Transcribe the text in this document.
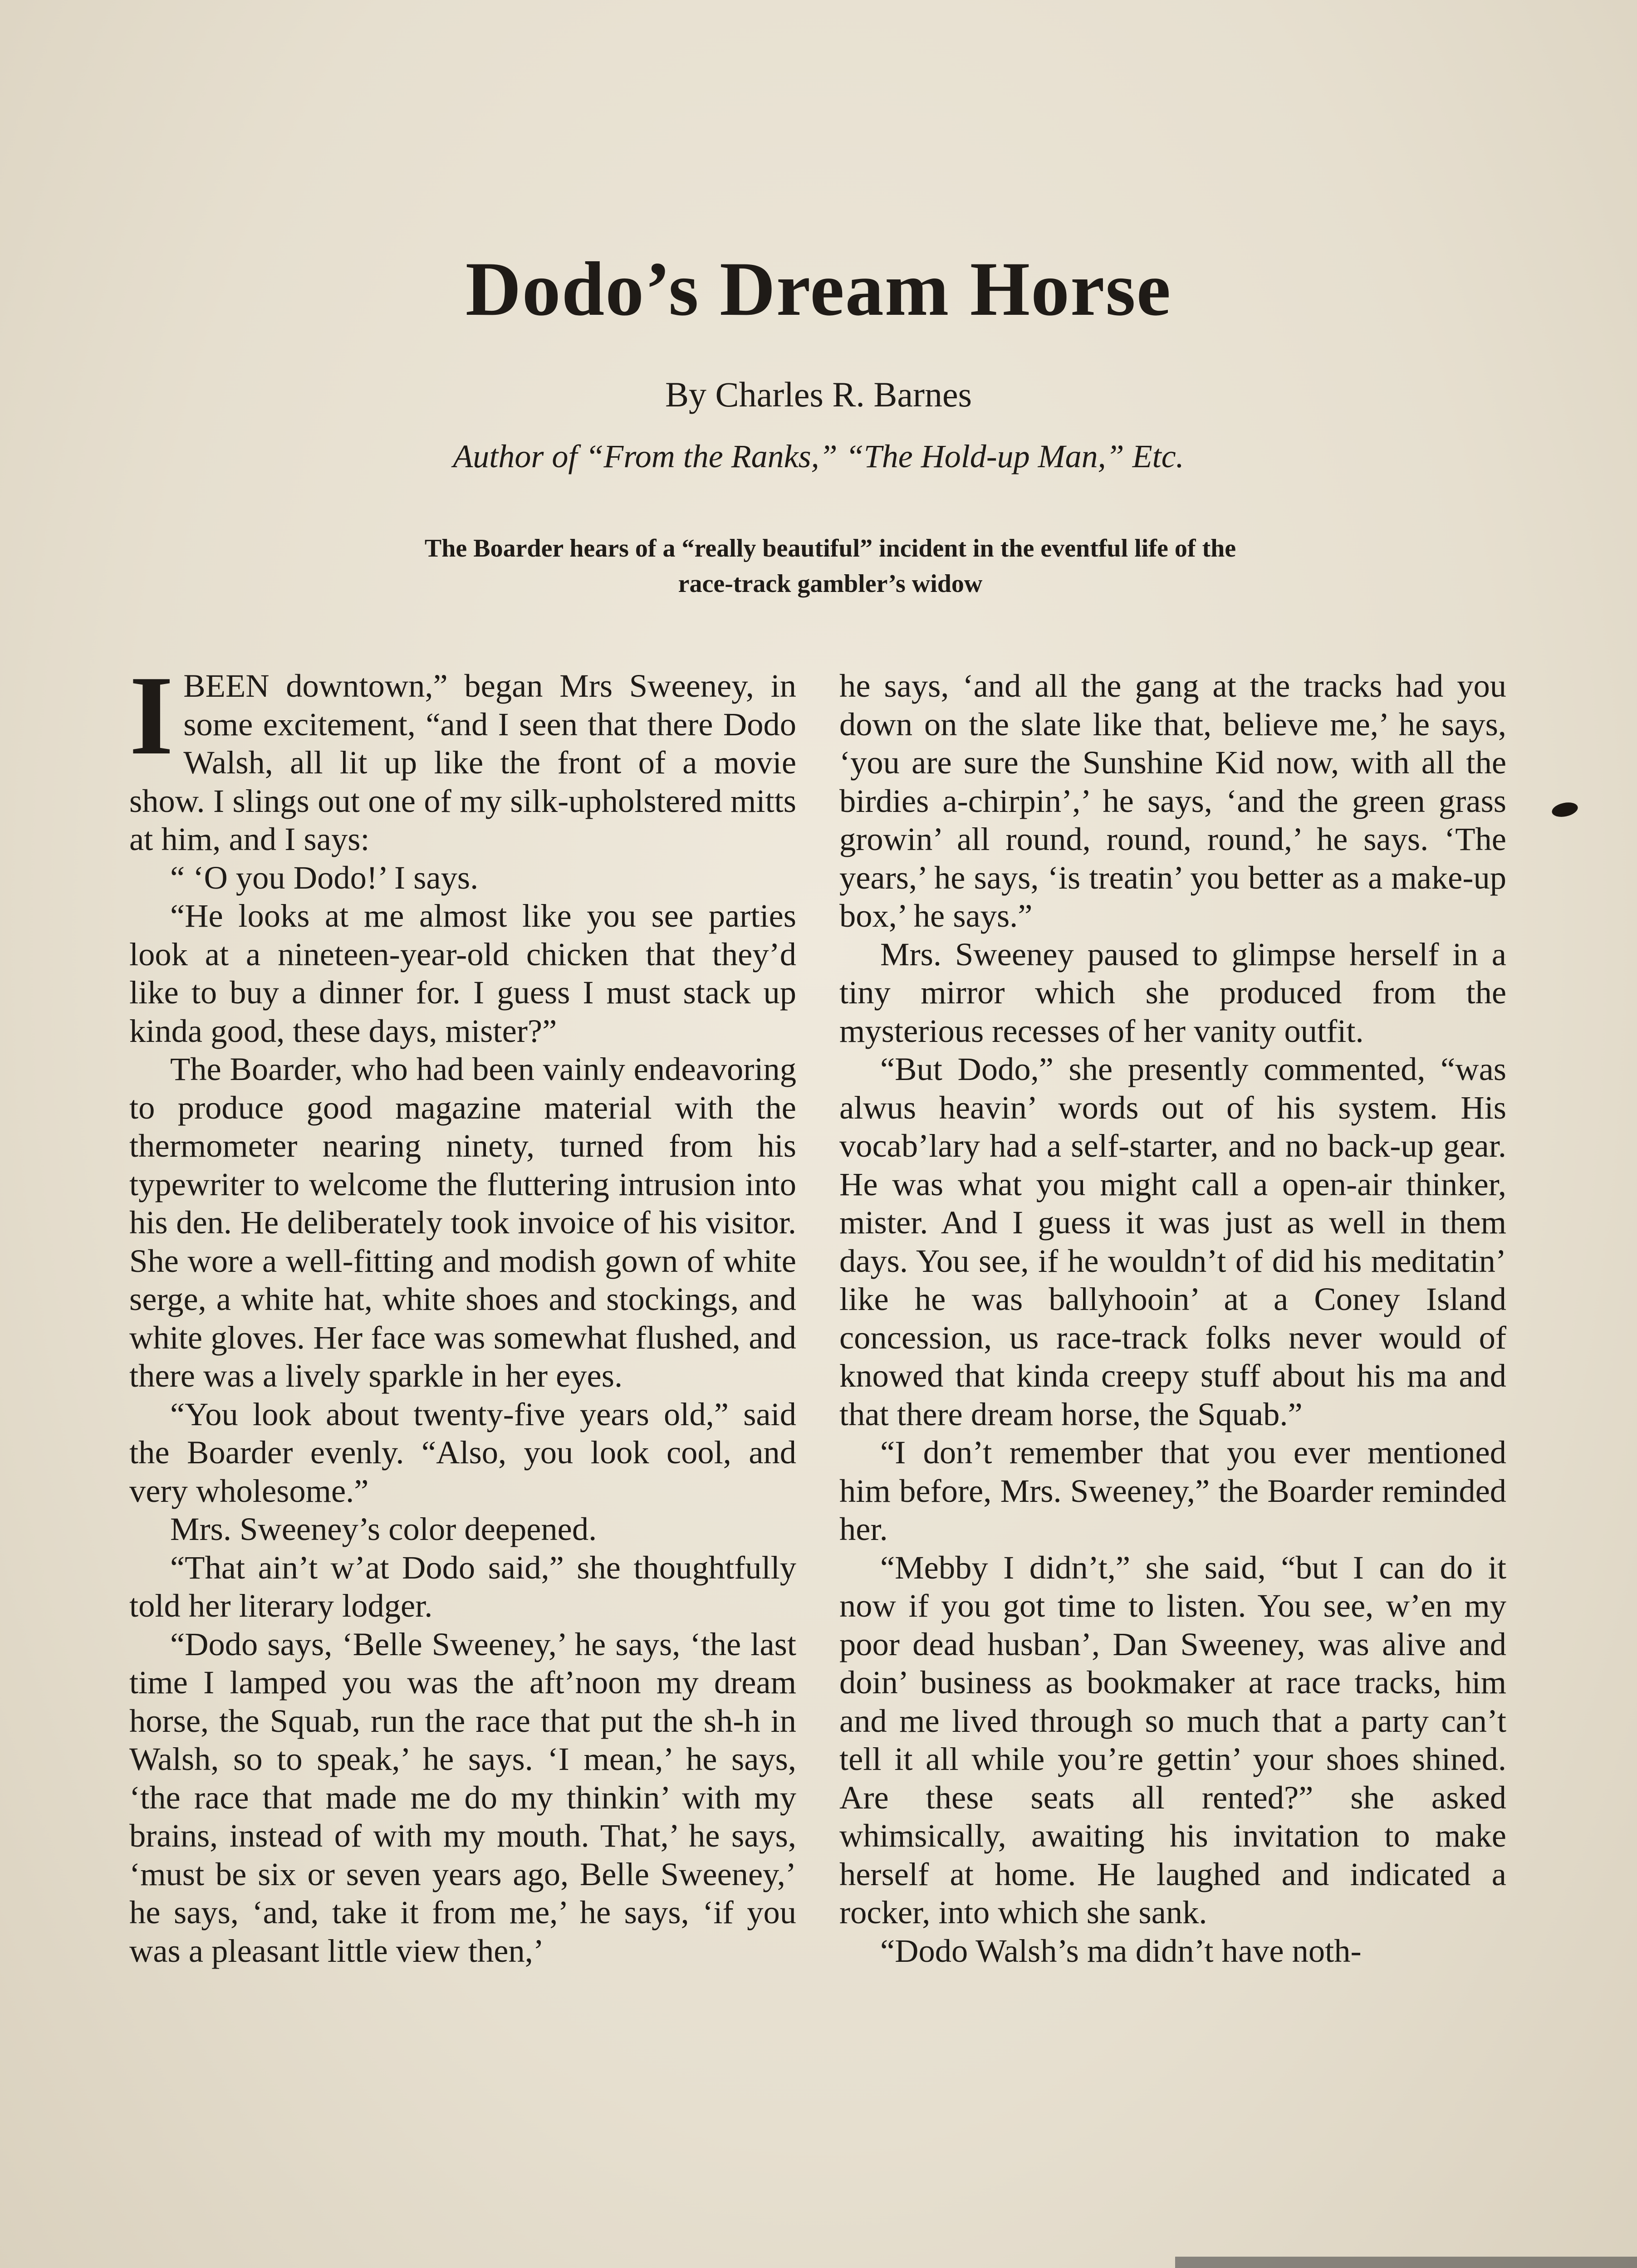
Dodo’s Dream Horse
By Charles R. Barnes
Author of “From the Ranks,” “The Hold-up Man,” Etc.
The Boarder hears of a “really beautiful” incident in the eventful life of the race-track gambler’s widow

IBEEN downtown,” began Mrs Sweeney, in some excitement, “and I seen that there Dodo Walsh, all lit up like the front of a movie show. I slings out one of my silk-upholstered mitts at him, and I says:

“ ‘O you Dodo!’ I says.

“He looks at me almost like you see parties look at a nineteen-year-old chicken that they’d like to buy a dinner for. I guess I must stack up kinda good, these days, mister?”

The Boarder, who had been vainly endeavoring to produce good magazine material with the thermometer nearing ninety, turned from his typewriter to welcome the fluttering intrusion into his den. He deliberately took invoice of his visitor. She wore a well-fitting and modish gown of white serge, a white hat, white shoes and stockings, and white gloves. Her face was somewhat flushed, and there was a lively sparkle in her eyes.

“You look about twenty-five years old,” said the Boarder evenly. “Also, you look cool, and very wholesome.”

Mrs. Sweeney’s color deepened.

“That ain’t w’at Dodo said,” she thoughtfully told her literary lodger.

“Dodo says, ‘Belle Sweeney,’ he says, ‘the last time I lamped you was the aft’noon my dream horse, the Squab, run the race that put the sh-h in Walsh, so to speak,’ he says. ‘I mean,’ he says, ‘the race that made me do my thinkin’ with my brains, instead of with my mouth. That,’ he says, ‘must be six or seven years ago, Belle Sweeney,’ he says, ‘and, take it from me,’ he says, ‘if you was a pleasant little view then,’

he says, ‘and all the gang at the tracks had you down on the slate like that, believe me,’ he says, ‘you are sure the Sunshine Kid now, with all the birdies a-chirpin’,’ he says, ‘and the green grass growin’ all round, round, round,’ he says. ‘The years,’ he says, ‘is treatin’ you better as a make-up box,’ he says.”

Mrs. Sweeney paused to glimpse herself in a tiny mirror which she produced from the mysterious recesses of her vanity outfit.

“But Dodo,” she presently commented, “was alwus heavin’ words out of his system. His vocab’lary had a self-starter, and no back-up gear. He was what you might call a open-air thinker, mister. And I guess it was just as well in them days. You see, if he wouldn’t of did his meditatin’ like he was ballyhooin’ at a Coney Island concession, us race-track folks never would of knowed that kinda creepy stuff about his ma and that there dream horse, the Squab.”

“I don’t remember that you ever mentioned him before, Mrs. Sweeney,” the Boarder reminded her.

“Mebby I didn’t,” she said, “but I can do it now if you got time to listen. You see, w’en my poor dead husban’, Dan Sweeney, was alive and doin’ business as bookmaker at race tracks, him and me lived through so much that a party can’t tell it all while you’re gettin’ your shoes shined. Are these seats all rented?” she asked whimsically, awaiting his invitation to make herself at home. He laughed and indicated a rocker, into which she sank.

“Dodo Walsh’s ma didn’t have noth-
